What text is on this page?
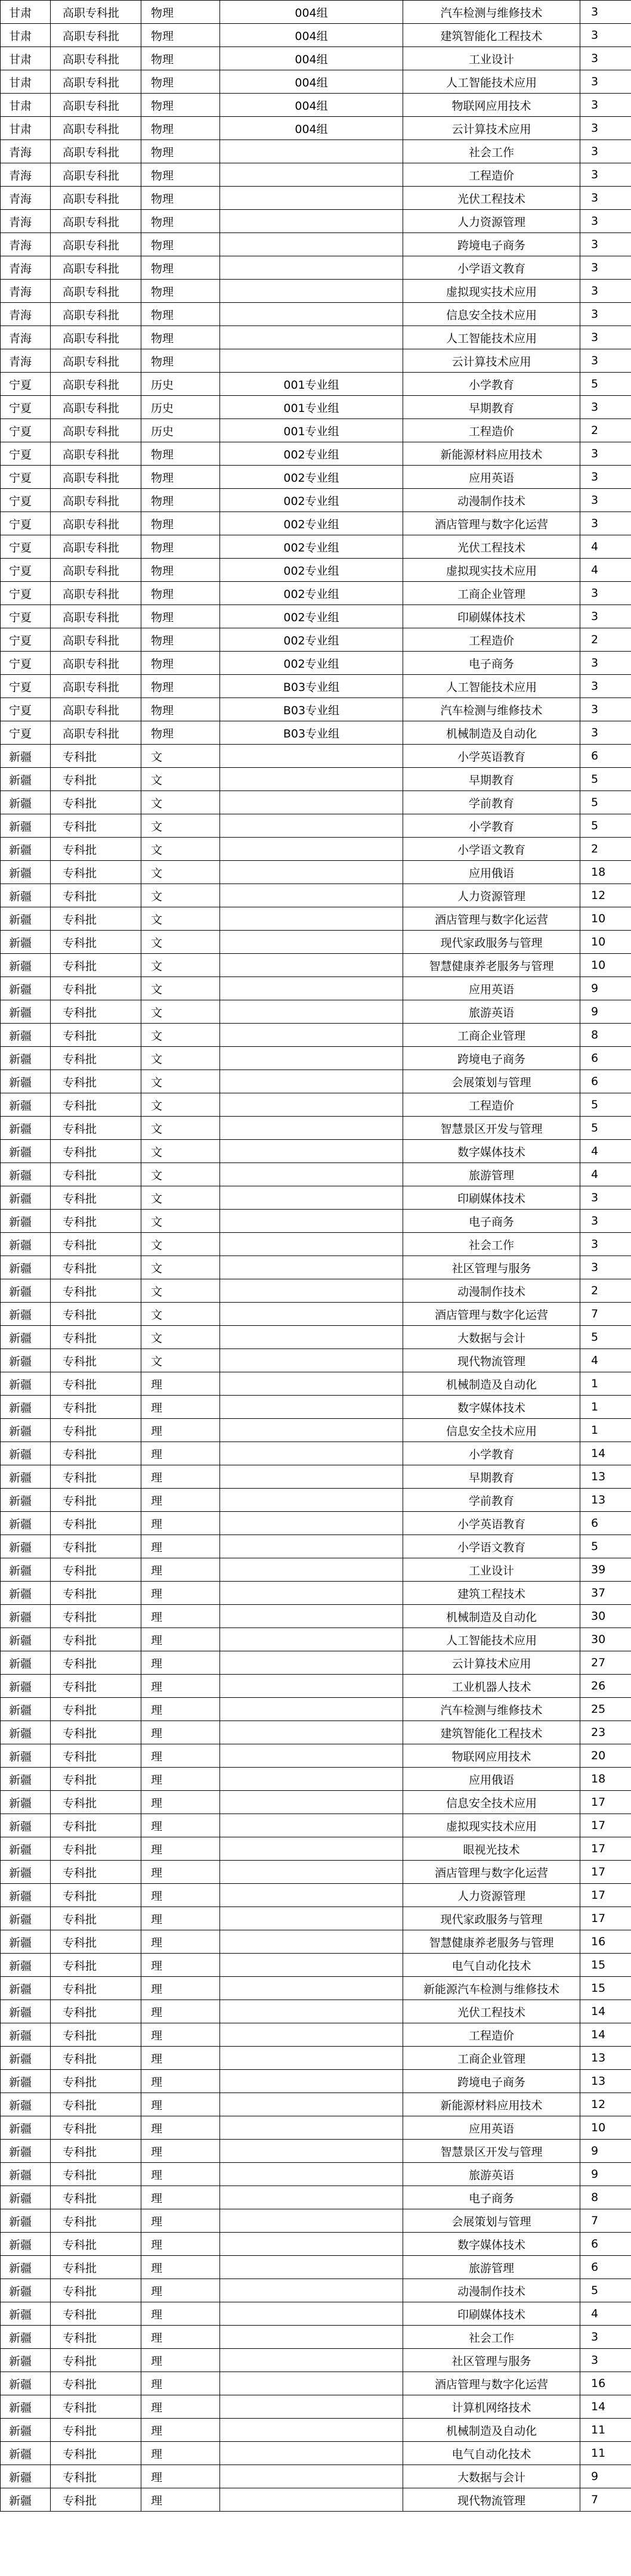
甘肃	高职专科批	物理	004组	汽车检测与维修技术	3
甘肃	高职专科批	物理	004组	建筑智能化工程技术	3
甘肃	高职专科批	物理	004组	工业设计	3
甘肃	高职专科批	物理	004组	人工智能技术应用	3
甘肃	高职专科批	物理	004组	物联网应用技术	3
甘肃	高职专科批	物理	004组	云计算技术应用	3
青海	高职专科批	物理		社会工作	3
青海	高职专科批	物理		工程造价	3
青海	高职专科批	物理		光伏工程技术	3
青海	高职专科批	物理		人力资源管理	3
青海	高职专科批	物理		跨境电子商务	3
青海	高职专科批	物理		小学语文教育	3
青海	高职专科批	物理		虚拟现实技术应用	3
青海	高职专科批	物理		信息安全技术应用	3
青海	高职专科批	物理		人工智能技术应用	3
青海	高职专科批	物理		云计算技术应用	3
宁夏	高职专科批	历史	001专业组	小学教育	5
宁夏	高职专科批	历史	001专业组	早期教育	3
宁夏	高职专科批	历史	001专业组	工程造价	2
宁夏	高职专科批	物理	002专业组	新能源材料应用技术	3
宁夏	高职专科批	物理	002专业组	应用英语	3
宁夏	高职专科批	物理	002专业组	动漫制作技术	3
宁夏	高职专科批	物理	002专业组	酒店管理与数字化运营	3
宁夏	高职专科批	物理	002专业组	光伏工程技术	4
宁夏	高职专科批	物理	002专业组	虚拟现实技术应用	4
宁夏	高职专科批	物理	002专业组	工商企业管理	3
宁夏	高职专科批	物理	002专业组	印刷媒体技术	3
宁夏	高职专科批	物理	002专业组	工程造价	2
宁夏	高职专科批	物理	002专业组	电子商务	3
宁夏	高职专科批	物理	B03专业组	人工智能技术应用	3
宁夏	高职专科批	物理	B03专业组	汽车检测与维修技术	3
宁夏	高职专科批	物理	B03专业组	机械制造及自动化	3
新疆	专科批	文		小学英语教育	6
新疆	专科批	文		早期教育	5
新疆	专科批	文		学前教育	5
新疆	专科批	文		小学教育	5
新疆	专科批	文		小学语文教育	2
新疆	专科批	文		应用俄语	18
新疆	专科批	文		人力资源管理	12
新疆	专科批	文		酒店管理与数字化运营	10
新疆	专科批	文		现代家政服务与管理	10
新疆	专科批	文		智慧健康养老服务与管理	10
新疆	专科批	文		应用英语	9
新疆	专科批	文		旅游英语	9
新疆	专科批	文		工商企业管理	8
新疆	专科批	文		跨境电子商务	6
新疆	专科批	文		会展策划与管理	6
新疆	专科批	文		工程造价	5
新疆	专科批	文		智慧景区开发与管理	5
新疆	专科批	文		数字媒体技术	4
新疆	专科批	文		旅游管理	4
新疆	专科批	文		印刷媒体技术	3
新疆	专科批	文		电子商务	3
新疆	专科批	文		社会工作	3
新疆	专科批	文		社区管理与服务	3
新疆	专科批	文		动漫制作技术	2
新疆	专科批	文		酒店管理与数字化运营	7
新疆	专科批	文		大数据与会计	5
新疆	专科批	文		现代物流管理	4
新疆	专科批	理		机械制造及自动化	1
新疆	专科批	理		数字媒体技术	1
新疆	专科批	理		信息安全技术应用	1
新疆	专科批	理		小学教育	14
新疆	专科批	理		早期教育	13
新疆	专科批	理		学前教育	13
新疆	专科批	理		小学英语教育	6
新疆	专科批	理		小学语文教育	5
新疆	专科批	理		工业设计	39
新疆	专科批	理		建筑工程技术	37
新疆	专科批	理		机械制造及自动化	30
新疆	专科批	理		人工智能技术应用	30
新疆	专科批	理		云计算技术应用	27
新疆	专科批	理		工业机器人技术	26
新疆	专科批	理		汽车检测与维修技术	25
新疆	专科批	理		建筑智能化工程技术	23
新疆	专科批	理		物联网应用技术	20
新疆	专科批	理		应用俄语	18
新疆	专科批	理		信息安全技术应用	17
新疆	专科批	理		虚拟现实技术应用	17
新疆	专科批	理		眼视光技术	17
新疆	专科批	理		酒店管理与数字化运营	17
新疆	专科批	理		人力资源管理	17
新疆	专科批	理		现代家政服务与管理	17
新疆	专科批	理		智慧健康养老服务与管理	16
新疆	专科批	理		电气自动化技术	15
新疆	专科批	理		新能源汽车检测与维修技术	15
新疆	专科批	理		光伏工程技术	14
新疆	专科批	理		工程造价	14
新疆	专科批	理		工商企业管理	13
新疆	专科批	理		跨境电子商务	13
新疆	专科批	理		新能源材料应用技术	12
新疆	专科批	理		应用英语	10
新疆	专科批	理		智慧景区开发与管理	9
新疆	专科批	理		旅游英语	9
新疆	专科批	理		电子商务	8
新疆	专科批	理		会展策划与管理	7
新疆	专科批	理		数字媒体技术	6
新疆	专科批	理		旅游管理	6
新疆	专科批	理		动漫制作技术	5
新疆	专科批	理		印刷媒体技术	4
新疆	专科批	理		社会工作	3
新疆	专科批	理		社区管理与服务	3
新疆	专科批	理		酒店管理与数字化运营	16
新疆	专科批	理		计算机网络技术	14
新疆	专科批	理		机械制造及自动化	11
新疆	专科批	理		电气自动化技术	11
新疆	专科批	理		大数据与会计	9
新疆	专科批	理		现代物流管理	7
